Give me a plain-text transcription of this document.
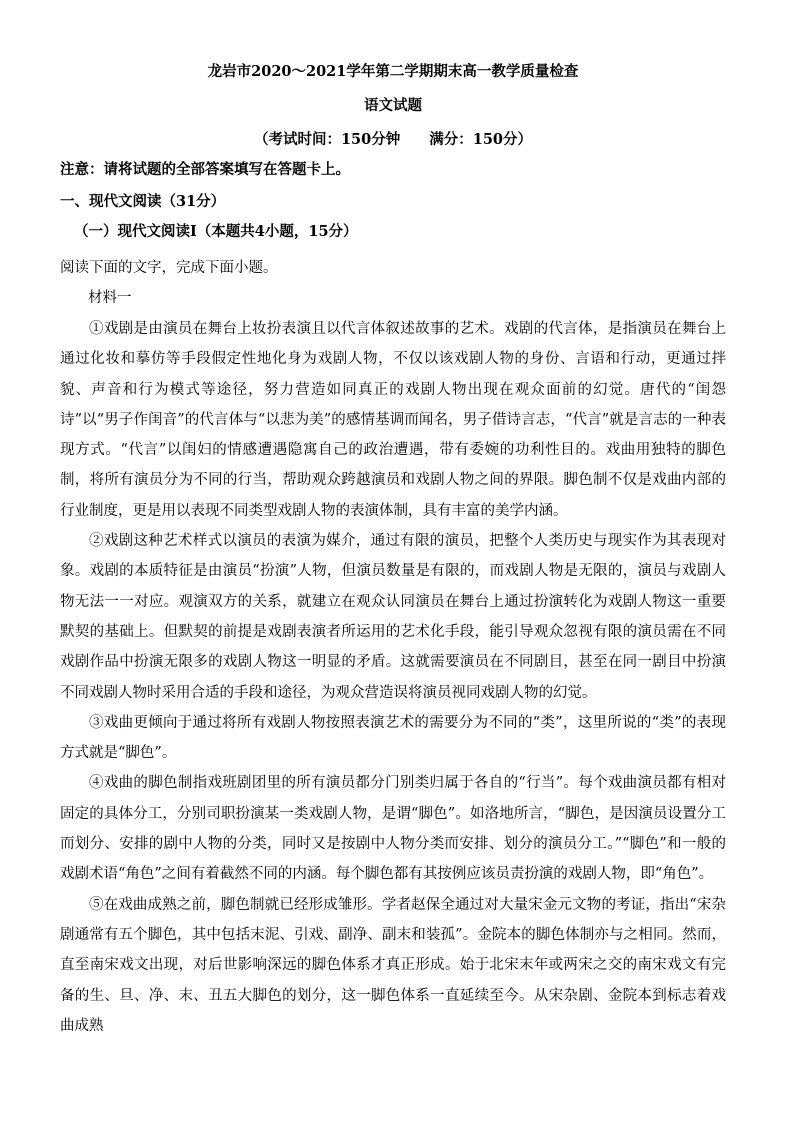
龙岩市2020～2021学年第二学期期末高一教学质量检查
语文试题
（考试时间：150分钟　　满分：150分）
注意：请将试题的全部答案填写在答题卡上。
一、现代文阅读（31分）
（一）现代文阅读Ⅰ（本题共4小题，15分）
阅读下面的文字，完成下面小题。
材料一

①戏剧是由演员在舞台上妆扮表演且以代言体叙述故事的艺术。戏剧的代言体，是指演员在舞台上通过化妆和摹仿等手段假定性地化身为戏剧人物，不仅以该戏剧人物的身份、言语和行动，更通过拌貌、声音和行为模式等途径，努力营造如同真正的戏剧人物出现在观众面前的幻觉。唐代的“闺怨诗”以“男子作闺音”的代言体与“以悲为美”的感情基调而闻名，男子借诗言志，“代言”就是言志的一种表现方式。“代言”以闺妇的情感遭遇隐寓自己的政治遭遇，带有委婉的功利性目的。戏曲用独特的脚色制，将所有演员分为不同的行当，帮助观众跨越演员和戏剧人物之间的界限。脚色制不仅是戏曲内部的行业制度，更是用以表现不同类型戏剧人物的表演体制，具有丰富的美学内涵。

②戏剧这种艺术样式以演员的表演为媒介，通过有限的演员，把整个人类历史与现实作为其表现对象。戏剧的本质特征是由演员“扮演”人物，但演员数量是有限的，而戏剧人物是无限的，演员与戏剧人物无法一一对应。观演双方的关系，就建立在观众认同演员在舞台上通过扮演转化为戏剧人物这一重要默契的基础上。但默契的前提是戏剧表演者所运用的艺术化手段，能引导观众忽视有限的演员需在不同戏剧作品中扮演无限多的戏剧人物这一明显的矛盾。这就需要演员在不同剧目，甚至在同一剧目中扮演不同戏剧人物时采用合适的手段和途径，为观众营造误将演员视同戏剧人物的幻觉。

③戏曲更倾向于通过将所有戏剧人物按照表演艺术的需要分为不同的“类”，这里所说的“类”的表现方式就是“脚色”。

④戏曲的脚色制指戏班剧团里的所有演员都分门别类归属于各自的“行当”。每个戏曲演员都有相对固定的具体分工，分别司职扮演某一类戏剧人物，是谓“脚色”。如洛地所言，“脚色，是因演员设置分工而划分、安排的剧中人物的分类，同时又是按剧中人物分类而安排、划分的演员分工。”“脚色”和一般的戏剧术语“角色”之间有着截然不同的内涵。每个脚色都有其按例应该员责扮演的戏剧人物，即“角色”。

⑤在戏曲成熟之前，脚色制就已经形成雏形。学者赵保全通过对大量宋金元文物的考证，指出“宋杂剧通常有五个脚色，其中包括末泥、引戏、副净、副末和装孤”。金院本的脚色体制亦与之相同。然而，直至南宋戏文出现，对后世影响深远的脚色体系才真正形成。始于北宋末年或两宋之交的南宋戏文有完备的生、旦、净、末、丑五大脚色的划分，这一脚色体系一直延续至今。从宋杂剧、金院本到标志着戏曲成熟
